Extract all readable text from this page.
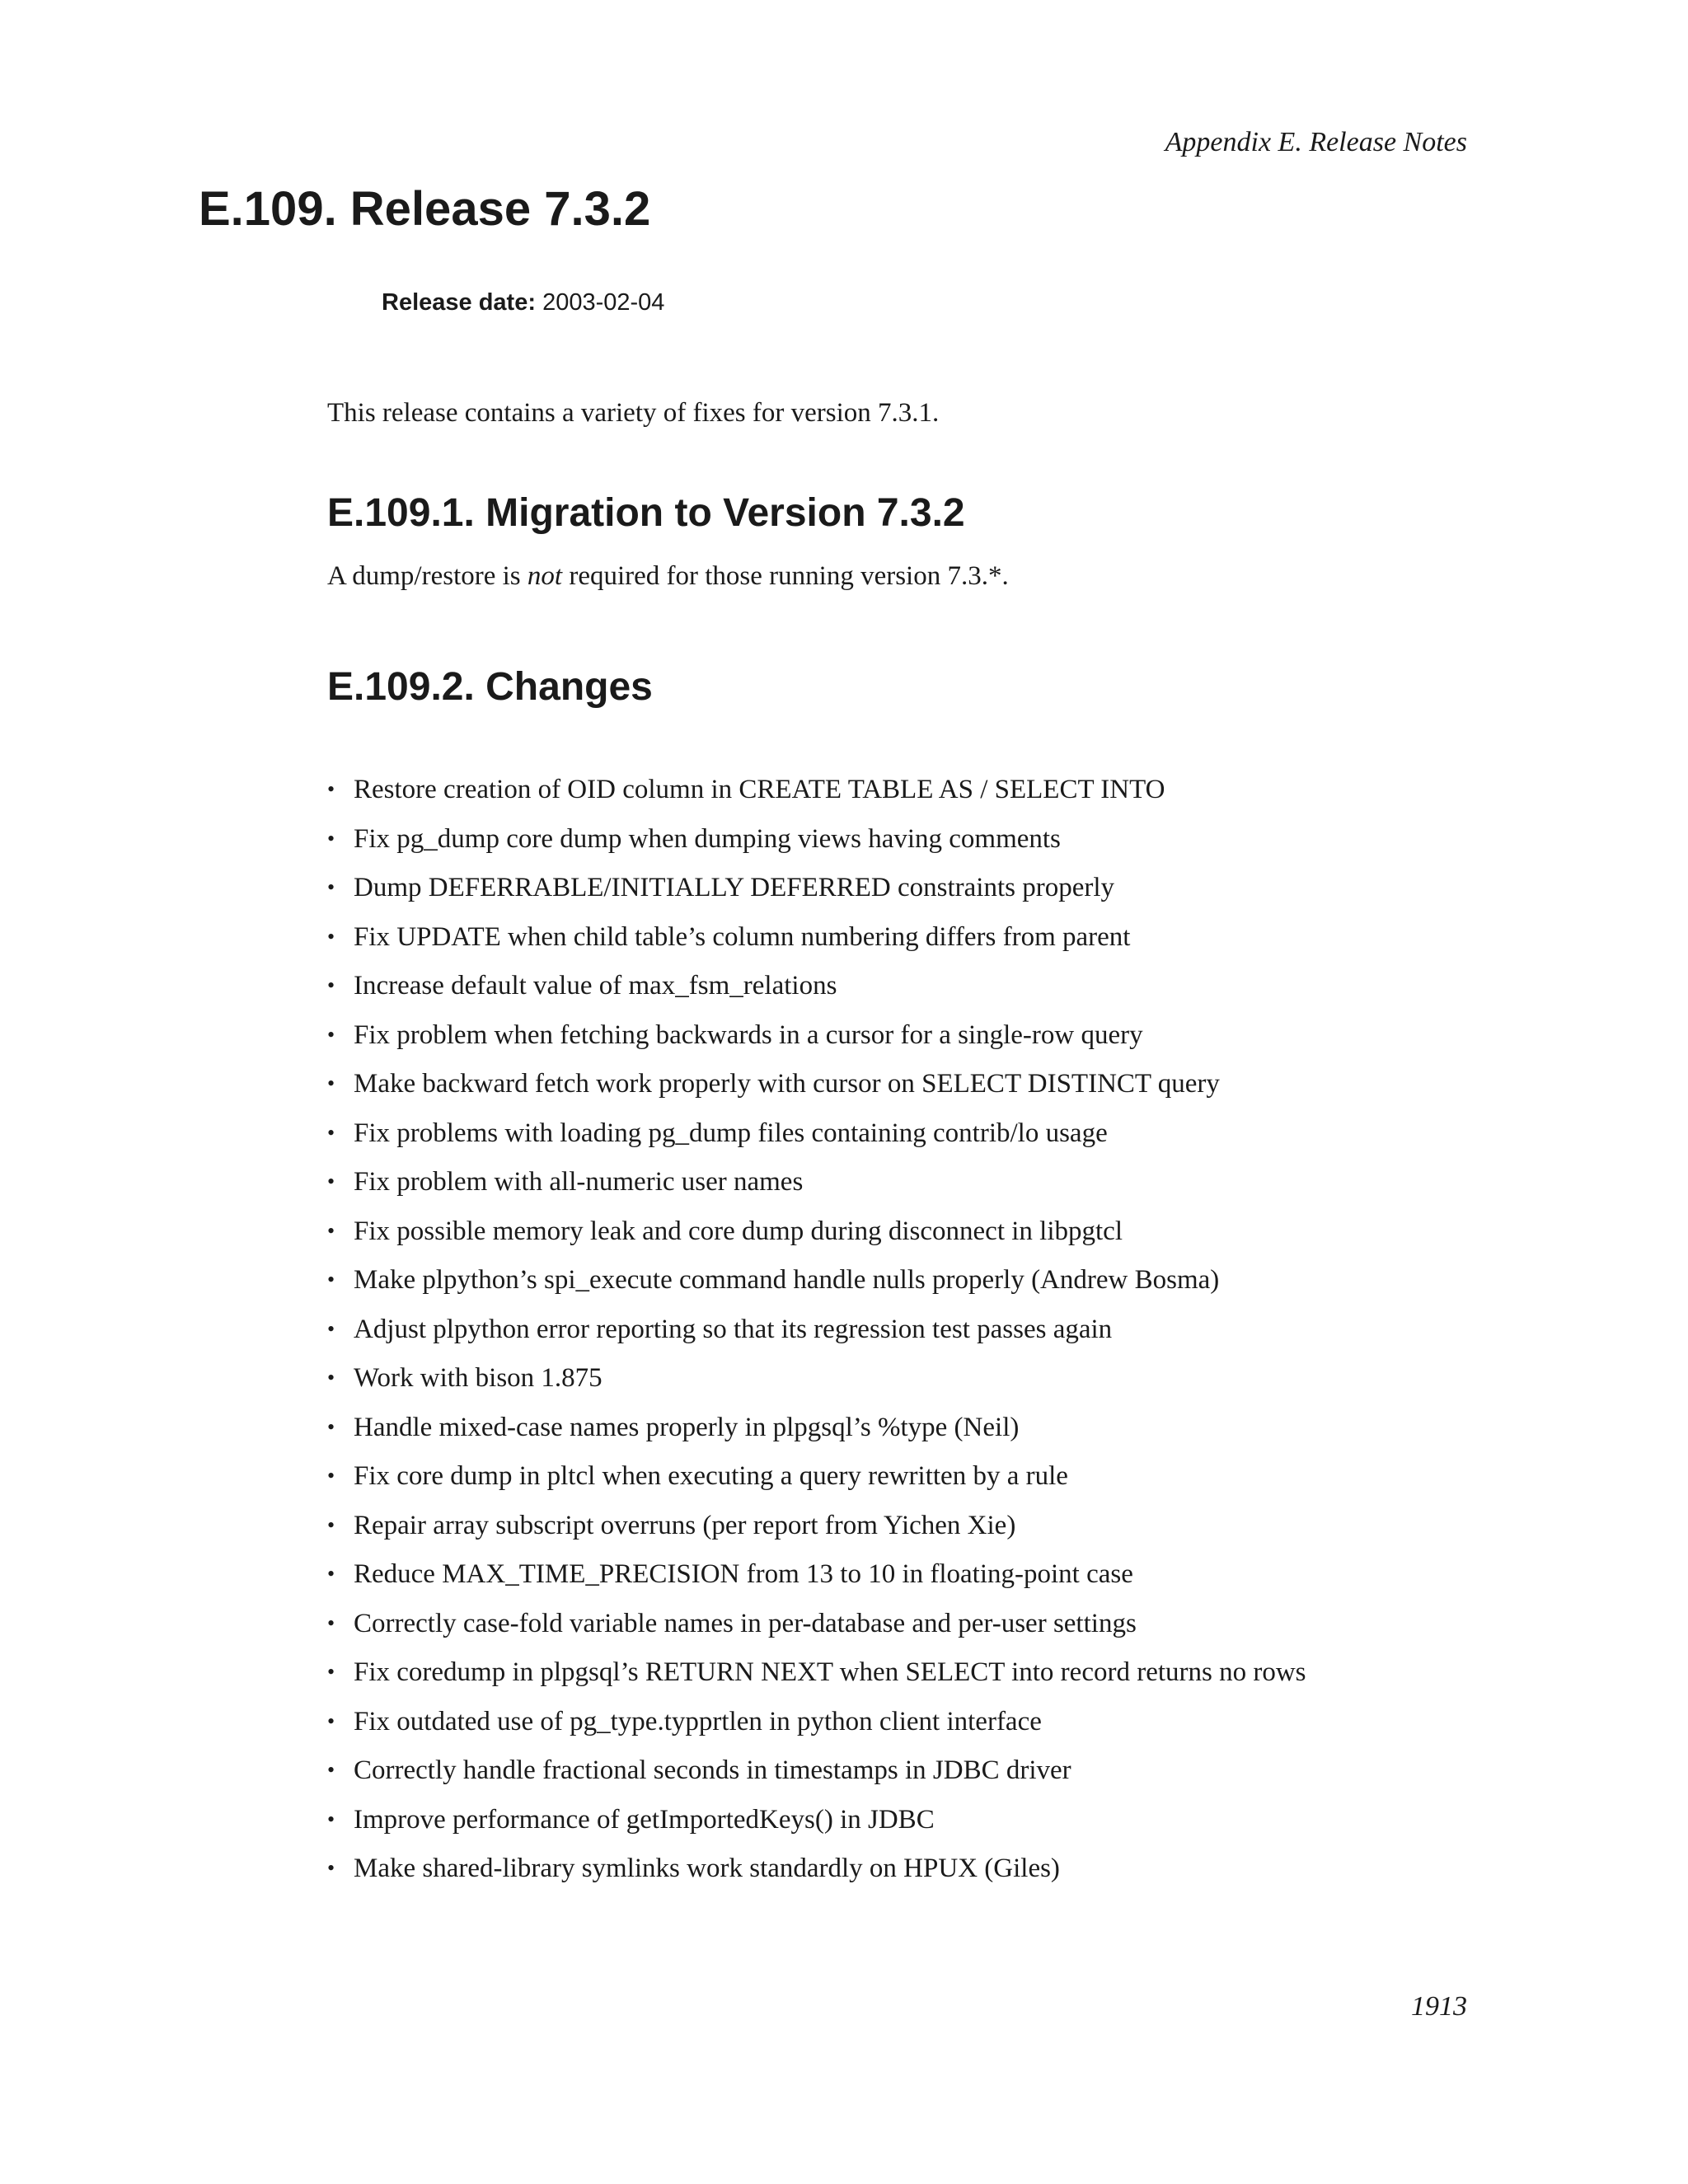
Appendix E. Release Notes
E.109. Release 7.3.2
Release date: 2003-02-04

This release contains a variety of fixes for version 7.3.1.

E.109.1. Migration to Version 7.3.2

A dump/restore is not required for those running version 7.3.*.

E.109.2. Changes
• Restore creation of OID column in CREATE TABLE AS / SELECT INTO
• Fix pg_dump core dump when dumping views having comments
• Dump DEFERRABLE/INITIALLY DEFERRED constraints properly
• Fix UPDATE when child table’s column numbering differs from parent
• Increase default value of max_fsm_relations
• Fix problem when fetching backwards in a cursor for a single-row query
• Make backward fetch work properly with cursor on SELECT DISTINCT query
• Fix problems with loading pg_dump files containing contrib/lo usage
• Fix problem with all-numeric user names
• Fix possible memory leak and core dump during disconnect in libpgtcl
• Make plpython’s spi_execute command handle nulls properly (Andrew Bosma)
• Adjust plpython error reporting so that its regression test passes again
• Work with bison 1.875
• Handle mixed-case names properly in plpgsql’s %type (Neil)
• Fix core dump in pltcl when executing a query rewritten by a rule
• Repair array subscript overruns (per report from Yichen Xie)
• Reduce MAX_TIME_PRECISION from 13 to 10 in floating-point case
• Correctly case-fold variable names in per-database and per-user settings
• Fix coredump in plpgsql’s RETURN NEXT when SELECT into record returns no rows
• Fix outdated use of pg_type.typprtlen in python client interface
• Correctly handle fractional seconds in timestamps in JDBC driver
• Improve performance of getImportedKeys() in JDBC
• Make shared-library symlinks work standardly on HPUX (Giles)
1913
